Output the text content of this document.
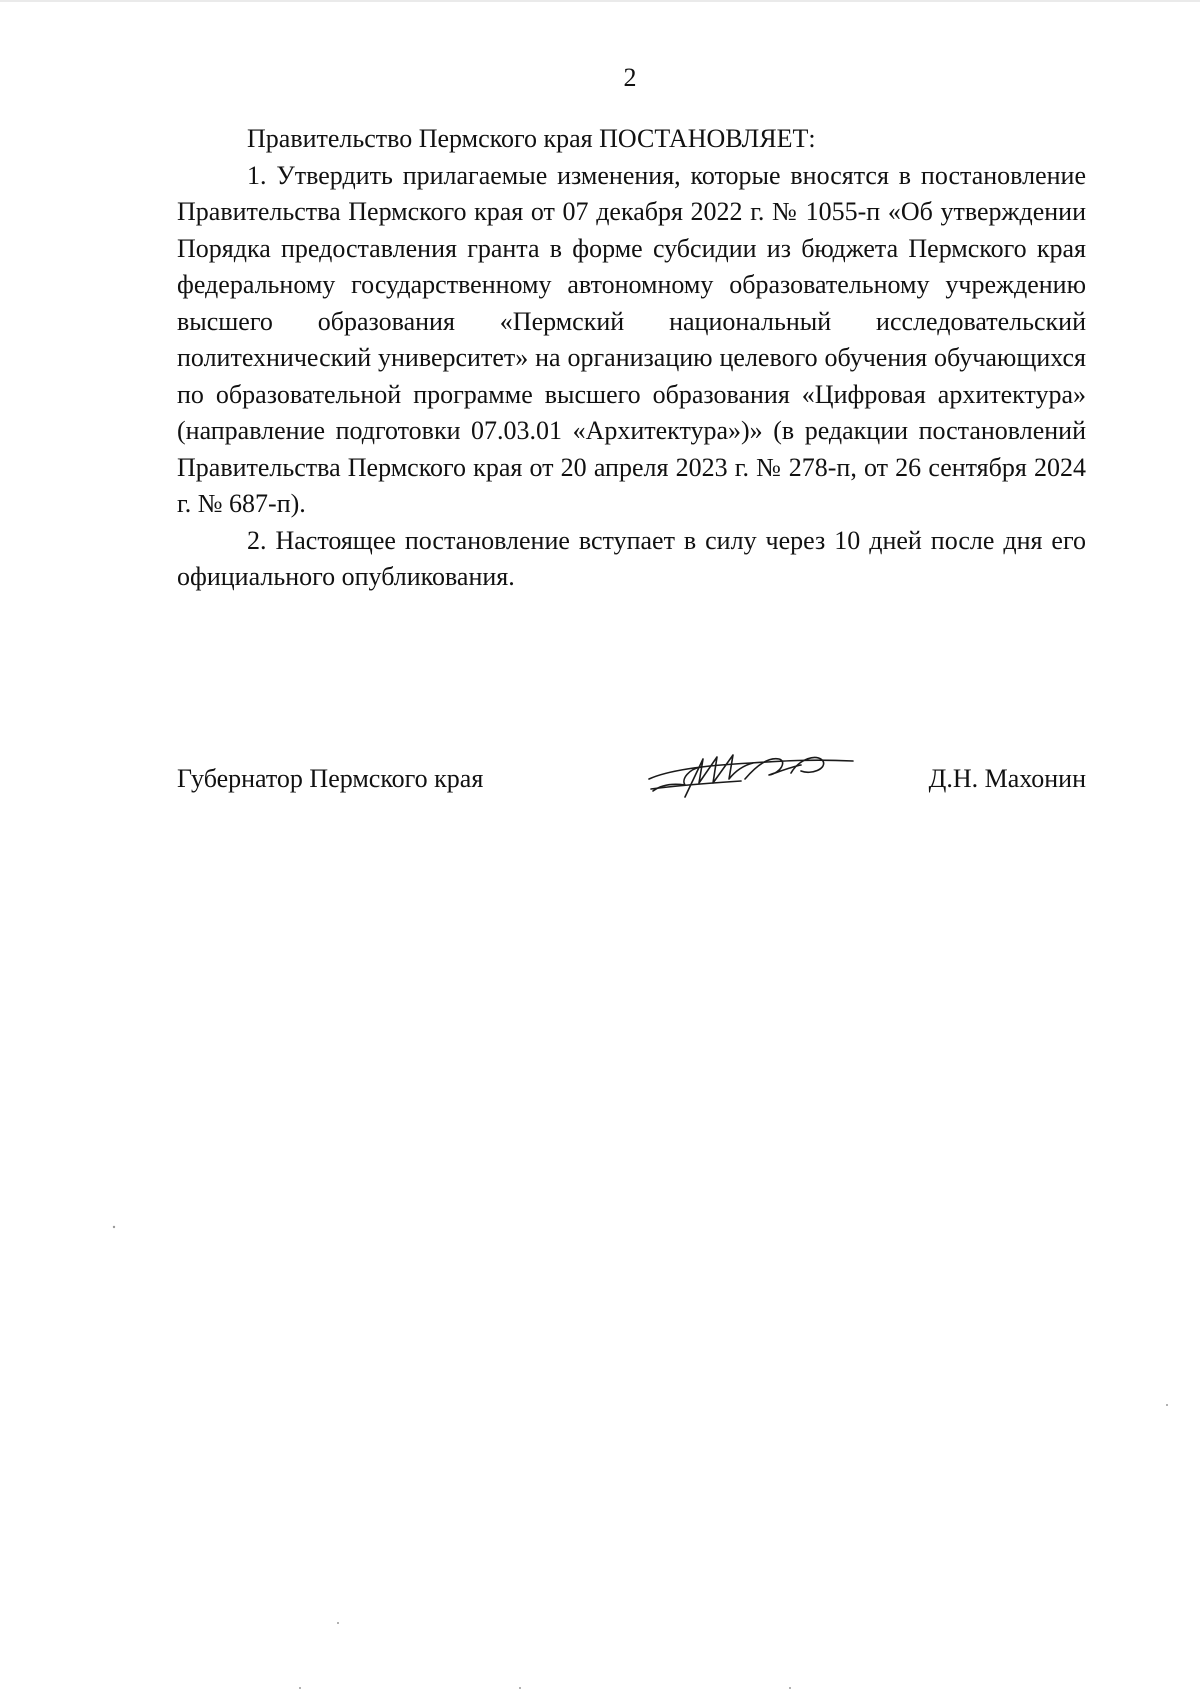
2

Правительство Пермского края ПОСТАНОВЛЯЕТ:

1. Утвердить прилагаемые изменения, которые вносятся в постановление Правительства Пермского края от 07 декабря 2022 г. № 1055-п «Об утверждении Порядка предоставления гранта в форме субсидии из бюджета Пермского края федеральному государственному автономному образовательному учреждению высшего образования «Пермский национальный исследовательский политехнический университет» на организацию целевого обучения обучающихся по образовательной программе высшего образования «Цифровая архитектура» (направление подготовки 07.03.01 «Архитектура»)» (в редакции постановлений Правительства Пермского края от 20 апреля 2023 г. № 278-п, от 26 сентября 2024 г. № 687-п).

2. Настоящее постановление вступает в силу через 10 дней после дня его официального опубликования.

Губернатор Пермского края	Д.Н. Махонин
